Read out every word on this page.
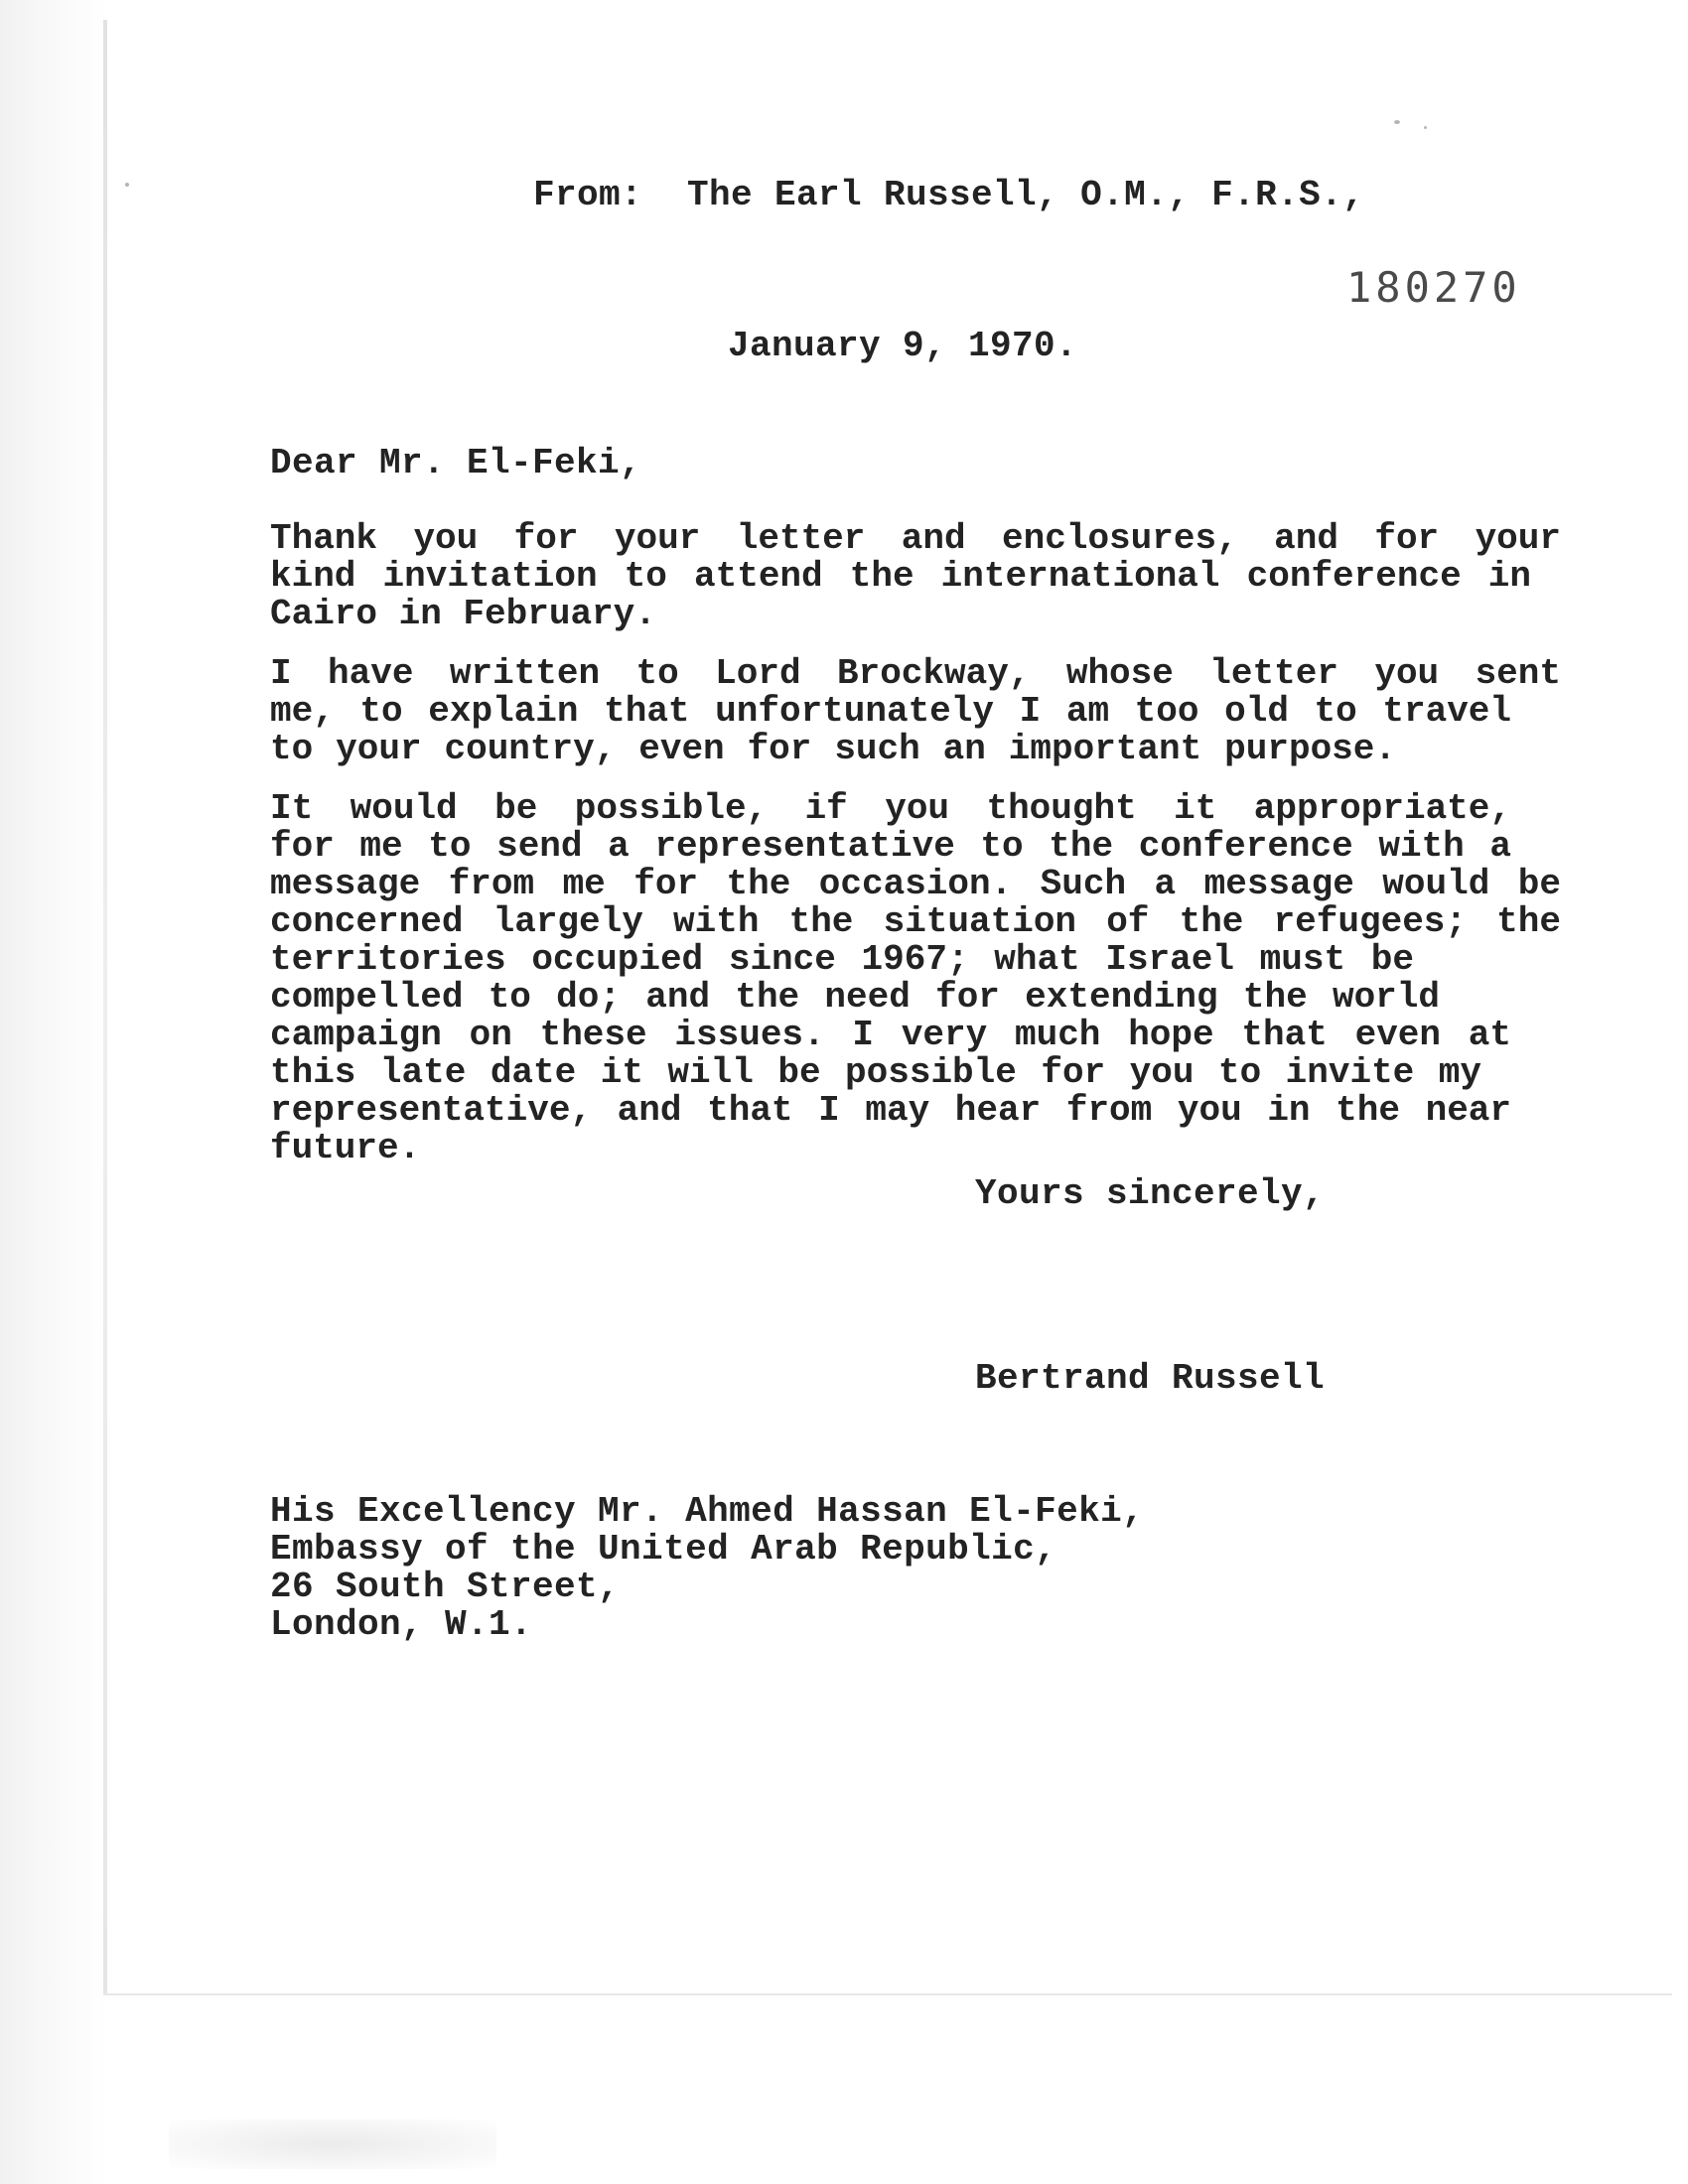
From: The Earl Russell, O.M., F.R.S.,
180270
January 9, 1970.
Dear Mr. El-Feki,

Thank you for your letter and enclosures, and for your

kind invitation to attend the international conference in

Cairo in February.

I have written to Lord Brockway, whose letter you sent

me, to explain that unfortunately I am too old to travel

to your country, even for such an important purpose.

It would be possible, if you thought it appropriate,

for me to send a representative to the conference with a

message from me for the occasion. Such a message would be

concerned largely with the situation of the refugees; the

territories occupied since 1967; what Israel must be

compelled to do; and the need for extending the world

campaign on these issues. I very much hope that even at

this late date it will be possible for you to invite my

representative, and that I may hear from you in the near

future.

Yours sincerely,
Bertrand Russell
His Excellency Mr. Ahmed Hassan El-Feki,
Embassy of the United Arab Republic,
26 South Street,
London, W.1.
